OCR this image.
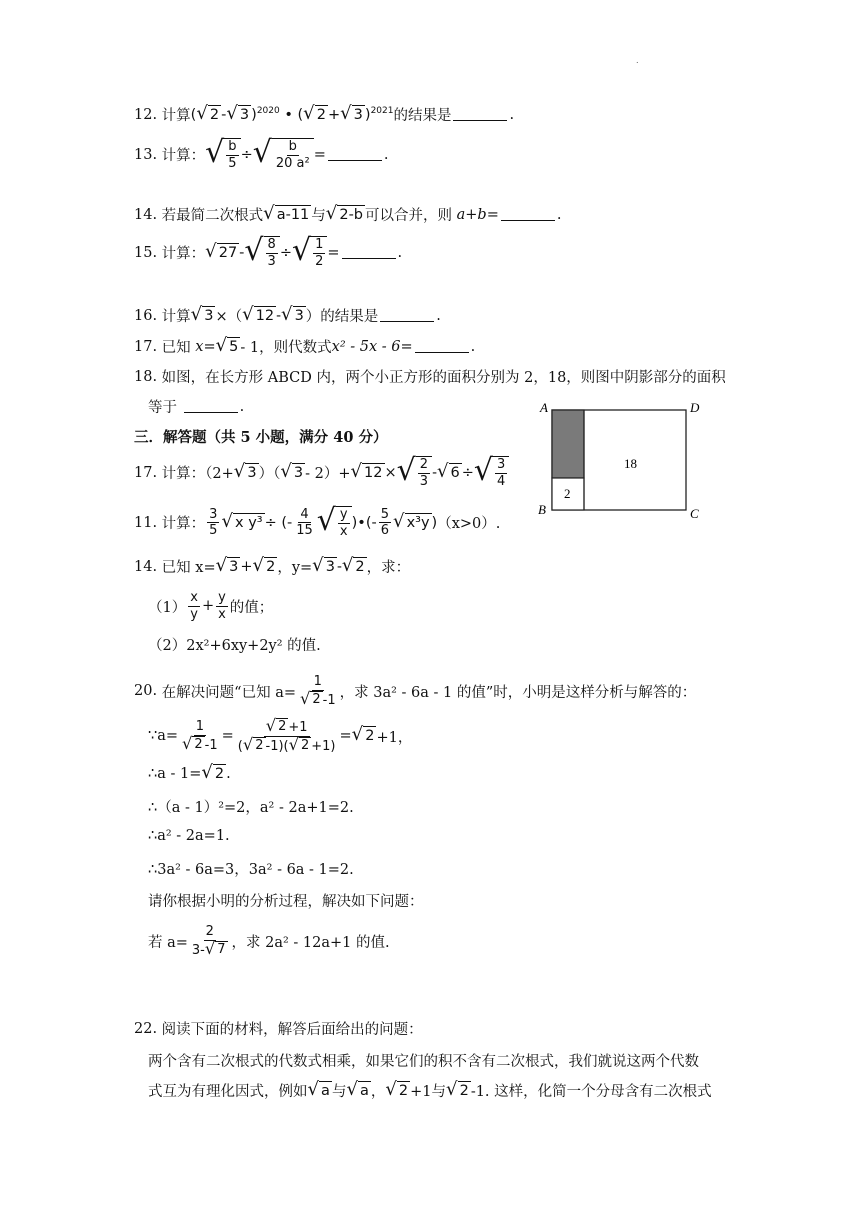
.
12.
计算 ( √ 2 - √ 3 )$^{2020}$ • ( √ 2 + √ 3 )$^{2021}$ 的结果是	.
13.
计算： √ $\frac{b}{5}$ ÷ √ $\frac{b}{\text{20 a²}}$ =	.
14.
若最简二次根式 √ a-11 与 √ 2-b 可以合并，则
a+b =	.
15.
计算： √ 27 - √ $\frac{8}{3}$ ÷ √ $\frac{1}{2}$ =	.
16.
计算 √ 3 ×（ √ 12 - √ 3 ）的结果是	.
17.
已知
x = √ 5 - 1，则代数式 x² - 5x - 6 =	.
18.
如图，在长方形 ABCD 内，两个小正方形的面积分别为 2，18，则图中阴影部分的面积
等于
	.
三．解答题（共 5 小题，满分 40 分）
17.
计算：（2+ √ 3 ）（ √ 3 - 2）+ √ 12 × √ $\frac{2}{3}$ - √ 6 ÷ √ $\frac{3}{4}$
11.
计算： $\frac{3}{5}$ √ x y³ ÷ (- $\frac{4}{15}$ √ $\frac{y}{x}$ )•(- $\frac{5}{6}$ √ x³y ) （x>0）.
14.
已知 x= √ 3 + √ 2 ，y= √ 3 - √ 2 ，求：
$(1) \frac{x}{y} + \frac{y}{x}$ 的值；
（2）2x²+6xy+2y² 的值.
20.
在解决问题“已知 $a= \frac{1}{√ 2 -1}$ ，求 3a² - 6a - 1 的值”时，小明是这样分析与解答的：
∵a= $\frac{1}{√ 2 -1} = \frac{√ 2 +1}{( √ 2 -1)( √ 2 +1)}$ = √ 2 +1，
∴a - 1= √ 2 .
∴（a - 1）²=2，a² - 2a+1=2.
∴a² - 2a=1.
∴3a² - 6a=3，3a² - 6a - 1=2.
请你根据小明的分析过程，解决如下问题：
若 $a= \frac{2}{3- √ 7}$ ，求 2a² - 12a+1 的值.
22.
阅读下面的材料，解答后面给出的问题：
两个含有二次根式的代数式相乘，如果它们的积不含有二次根式，我们就说这两个代数
式互为有理化因式，例如 √ a 与 √ a ， √ 2 +1与 √ 2 -1. 这样，化简一个分母含有二次根式
A
B	C
D
18
2
